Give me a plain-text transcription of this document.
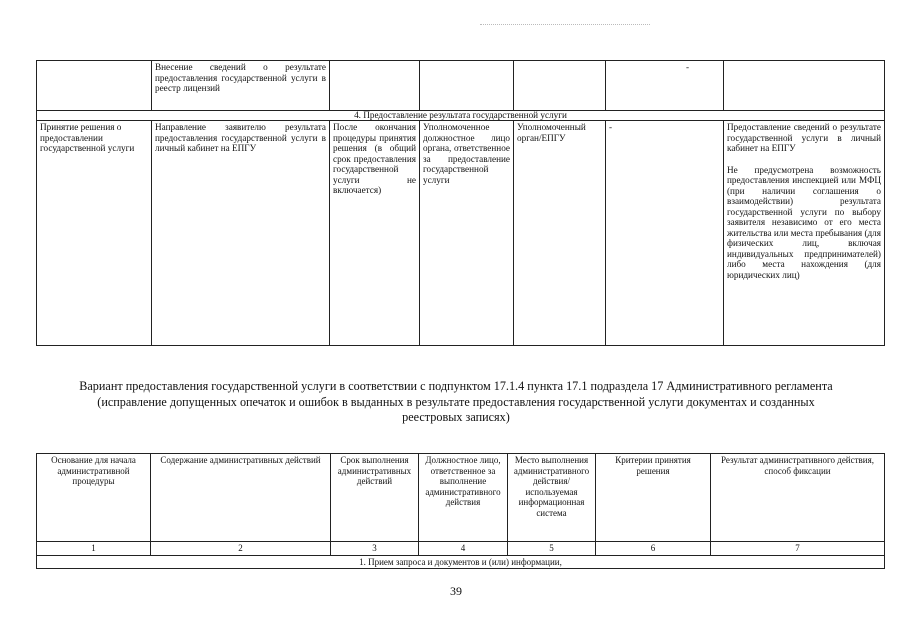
	Внесение сведений о результате предоставления государственной услуги в реестр лицензий				-	
4. Предоставление результата государственной услуги						
Принятие решения о предоставлении государственной услуги	Направление заявителю результата предоставления государственной услуги в личный кабинет на ЕПГУ	После окончания процедуры принятия решения (в общий срок предоставления государственной услуги не включается)	Уполномоченное должностное лицо органа, ответственное за предоставление государственной услуги	Уполномоченный орган/ЕПГУ	-	Предоставление сведений о результате государственной услуги в личный кабинет на ЕПГУ

Не предусмотрена возможность предоставления инспекцией или МФЦ (при наличии соглашения о взаимодействии) результата государственной услуги по выбору заявителя независимо от его места жительства или места пребывания (для физических лиц, включая индивидуальных предпринимателей) либо места нахождения (для юридических лиц)

Вариант предоставления государственной услуги в соответствии с подпунктом 17.1.4 пункта 17.1 подраздела 17 Административного регламента (исправление допущенных опечаток и ошибок в выданных в результате предоставления государственной услуги документах и созданных реестровых записях)
Основание для начала административной процедуры	Содержание административных действий	Срок выполнения административных действий	Должностное лицо, ответственное за выполнение административного действия	Место выполнения административного действия/ используемая информационная система	Критерии принятия решения	Результат административного действия, способ фиксации
1	2	3	4	5	6	7
1. Прием запроса и документов и (или) информации,						
39
